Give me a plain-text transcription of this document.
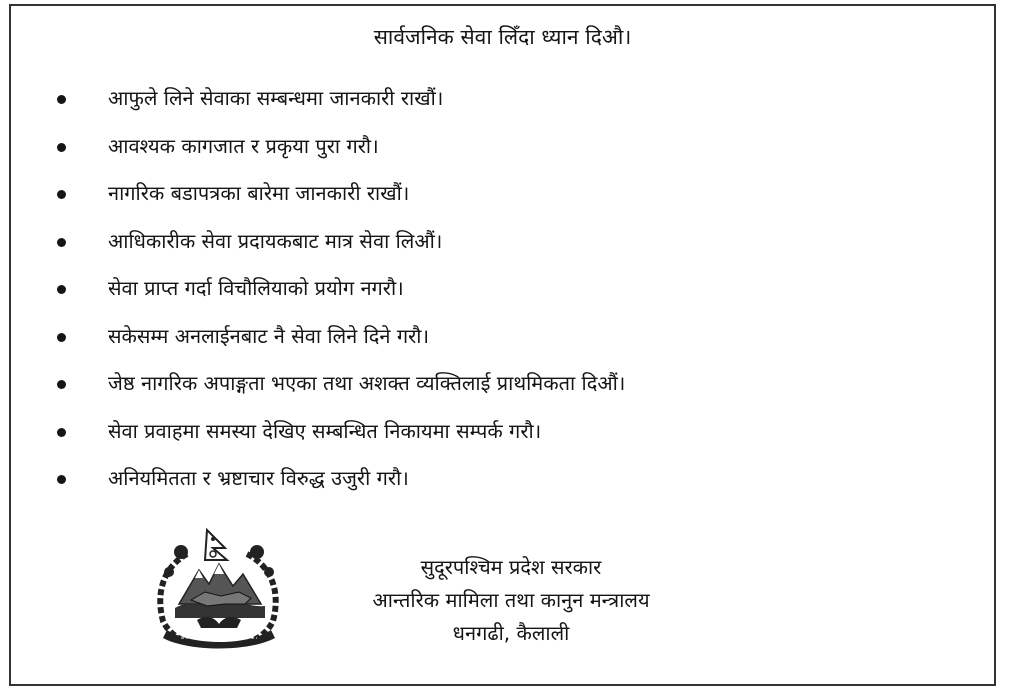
सार्वजनिक सेवा लिँदा ध्यान दिऔ।
आफुले लिने सेवाका सम्बन्धमा जानकारी राखौं।
आवश्यक कागजात र प्रकृया पुरा गरौ।
नागरिक बडापत्रका बारेमा जानकारी राखौं।
आधिकारीक सेवा प्रदायकबाट मात्र सेवा लिऔं।
सेवा प्राप्त गर्दा विचौलियाको प्रयोग नगरौ।
सकेसम्म अनलाईनबाट नै सेवा लिने दिने गरौ।
जेष्ठ नागरिक अपाङ्गता भएका तथा अशक्त व्यक्तिलाई प्राथमिकता दिऔं।
सेवा प्रवाहमा समस्या देखिए सम्बन्धित निकायमा सम्पर्क गरौ।
अनियमितता र भ्रष्टाचार विरुद्ध उजुरी गरौ।
सुदूरपश्चिम प्रदेश सरकार
आन्तरिक मामिला तथा कानुन मन्त्रालय
धनगढी, कैलाली
